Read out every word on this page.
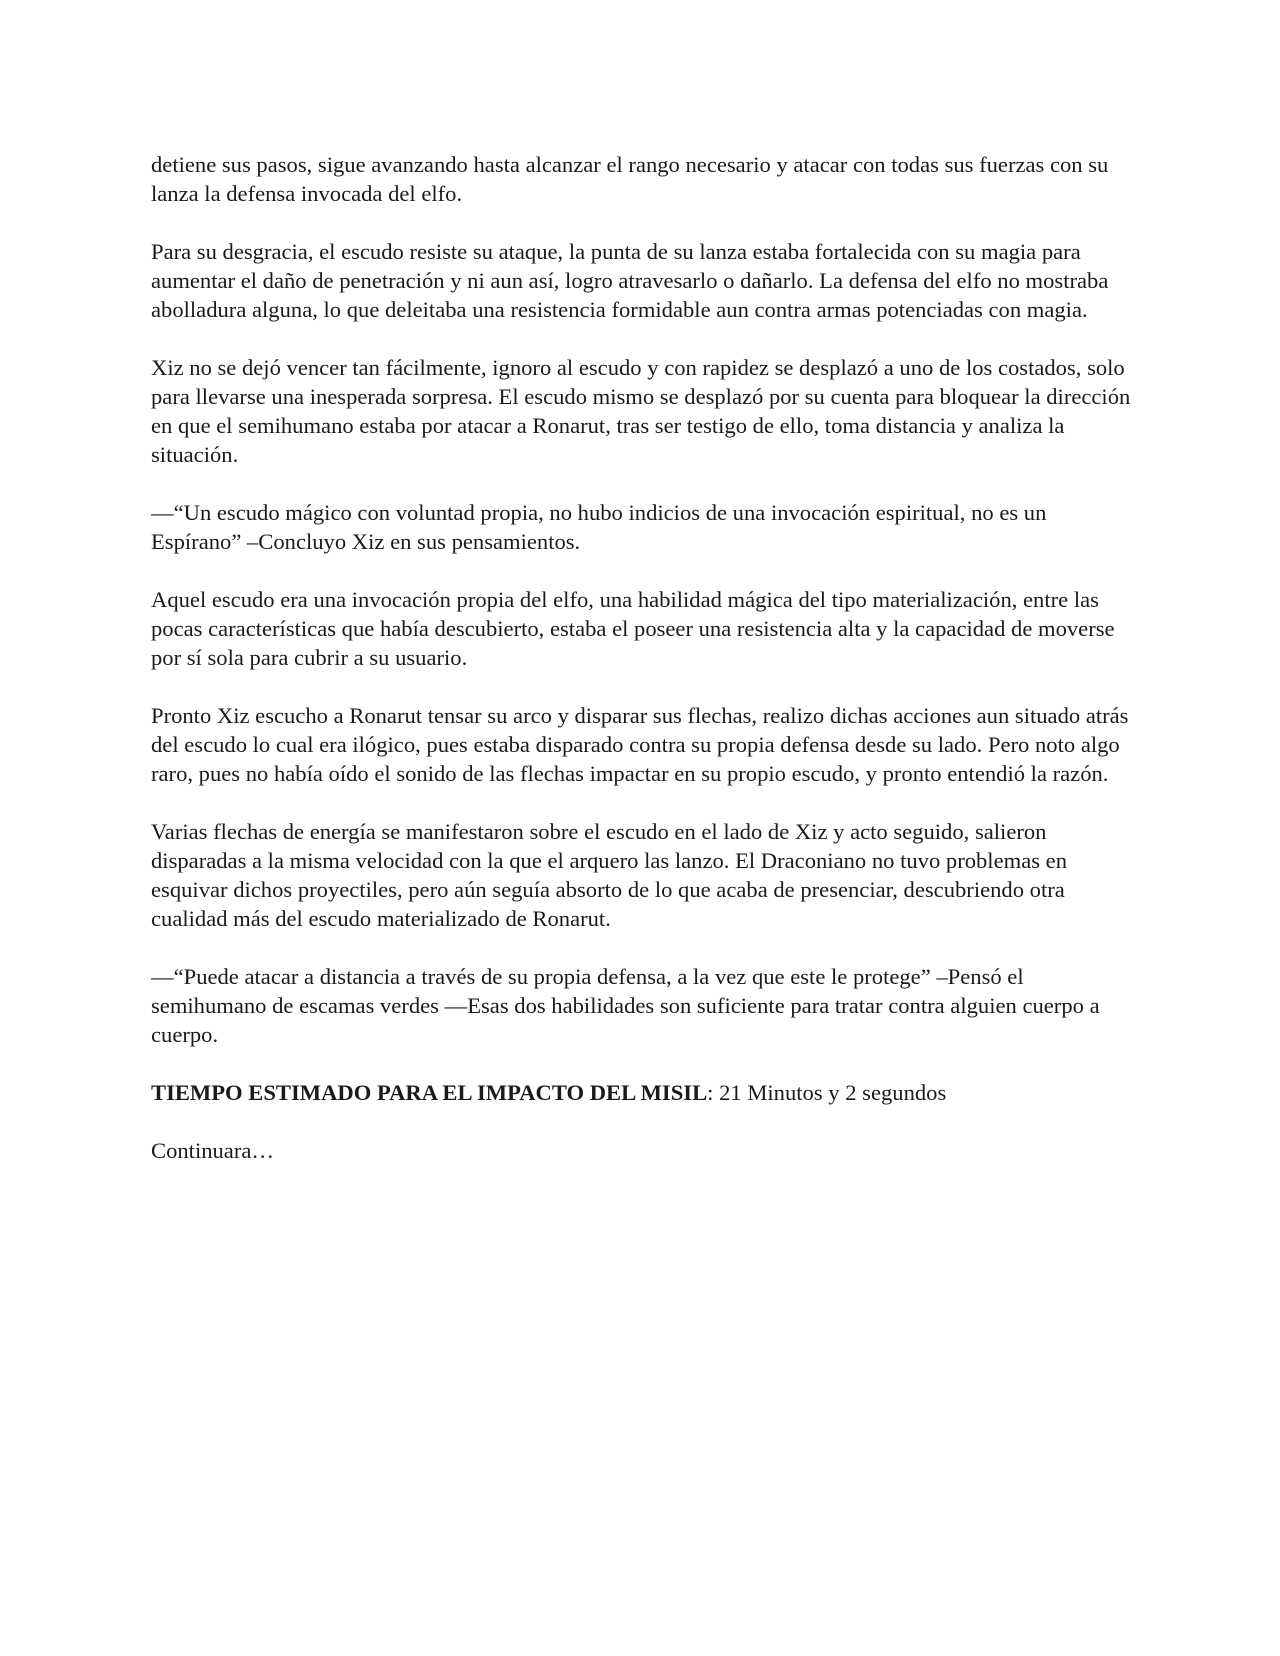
detiene sus pasos, sigue avanzando hasta alcanzar el rango necesario y atacar con todas sus fuerzas con su lanza la defensa invocada del elfo.

Para su desgracia, el escudo resiste su ataque, la punta de su lanza estaba fortalecida con su magia para aumentar el daño de penetración y ni aun así, logro atravesarlo o dañarlo. La defensa del elfo no mostraba abolladura alguna, lo que deleitaba una resistencia formidable aun contra armas potenciadas con magia.

Xiz no se dejó vencer tan fácilmente, ignoro al escudo y con rapidez se desplazó a uno de los costados, solo para llevarse una inesperada sorpresa. El escudo mismo se desplazó por su cuenta para bloquear la dirección en que el semihumano estaba por atacar a Ronarut, tras ser testigo de ello, toma distancia y analiza la situación.

—“Un escudo mágico con voluntad propia, no hubo indicios de una invocación espiritual, no es un Espírano” –Concluyo Xiz en sus pensamientos.

Aquel escudo era una invocación propia del elfo, una habilidad mágica del tipo materialización, entre las pocas características que había descubierto, estaba el poseer una resistencia alta y la capacidad de moverse por sí sola para cubrir a su usuario.

Pronto Xiz escucho a Ronarut tensar su arco y disparar sus flechas, realizo dichas acciones aun situado atrás del escudo lo cual era ilógico, pues estaba disparado contra su propia defensa desde su lado. Pero noto algo raro, pues no había oído el sonido de las flechas impactar en su propio escudo, y pronto entendió la razón.

Varias flechas de energía se manifestaron sobre el escudo en el lado de Xiz y acto seguido, salieron disparadas a la misma velocidad con la que el arquero las lanzo. El Draconiano no tuvo problemas en esquivar dichos proyectiles, pero aún seguía absorto de lo que acaba de presenciar, descubriendo otra cualidad más del escudo materializado de Ronarut.

—“Puede atacar a distancia a través de su propia defensa, a la vez que este le protege” –Pensó el semihumano de escamas verdes —Esas dos habilidades son suficiente para tratar contra alguien cuerpo a cuerpo.

TIEMPO ESTIMADO PARA EL IMPACTO DEL MISIL: 21 Minutos y 2 segundos

Continuara…
